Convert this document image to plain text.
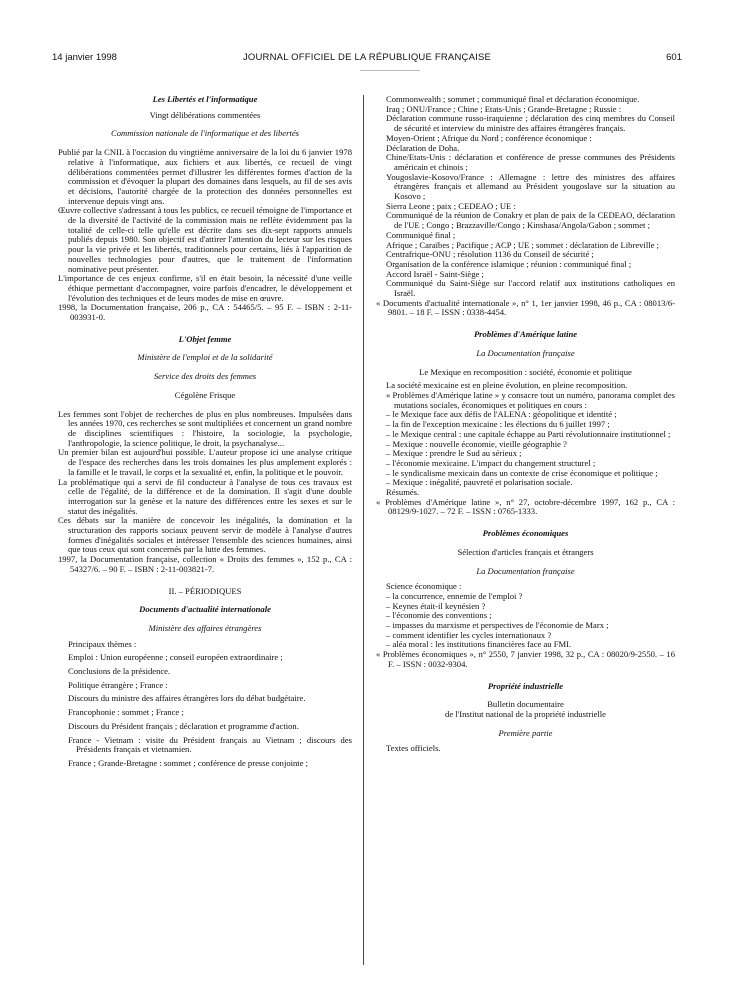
14 janvier 1998	JOURNAL OFFICIEL DE LA RÉPUBLIQUE FRANÇAISE	601

Les Libertés et l'informatique

Vingt délibérations commentées

Commission nationale de l'informatique et des libertés

Publié par la CNIL à l'occasion du vingtième anniversaire de la loi du 6 janvier 1978 relative à l'informatique, aux fichiers et aux libertés, ce recueil de vingt délibérations commentées permet d'illustrer les différentes formes d'action de la commission et d'évoquer la plupart des domaines dans lesquels, au fil de ses avis et décisions, l'autorité chargée de la protection des données personnelles est intervenue depuis vingt ans.

Œuvre collective s'adressant à tous les publics, ce recueil témoigne de l'importance et de la diversité de l'activité de la commission mais ne reflète évidemment pas la totalité de celle-ci telle qu'elle est décrite dans ses dix-sept rapports annuels publiés depuis 1980. Son objectif est d'attirer l'attention du lecteur sur les risques pour la vie privée et les libertés, traditionnels pour certains, liés à l'apparition de nouvelles technologies pour d'autres, que le traitement de l'information nominative peut présenter.

L'importance de ces enjeux confirme, s'il en était besoin, la nécessité d'une veille éthique permettant d'accompagner, voire parfois d'encadrer, le développement et l'évolution des techniques et de leurs modes de mise en œuvre.

1998, la Documentation française, 206 p., CA : 54465/5. – 95 F. – ISBN : 2-11-003931-0.

L'Objet femme

Ministère de l'emploi et de la solidarité

Service des droits des femmes

Cégolène Frisque

Les femmes sont l'objet de recherches de plus en plus nombreuses. Impulsées dans les années 1970, ces recherches se sont multipliées et concernent un grand nombre de disciplines scientifiques : l'histoire, la sociologie, la psychologie, l'anthropologie, la science politique, le droit, la psychanalyse...

Un premier bilan est aujourd'hui possible. L'auteur propose ici une analyse critique de l'espace des recherches dans les trois domaines les plus amplement explorés : la famille et le travail, le corps et la sexualité et, enfin, la politique et le pouvoir.

La problématique qui a servi de fil conducteur à l'analyse de tous ces travaux est celle de l'égalité, de la différence et de la domination. Il s'agit d'une double interrogation sur la genèse et la nature des différences entre les sexes et sur le statut des inégalités.

Ces débats sur la manière de concevoir les inégalités, la domination et la structuration des rapports sociaux peuvent servir de modèle à l'analyse d'autres formes d'inégalités sociales et intéresser l'ensemble des sciences humaines, ainsi que tous ceux qui sont concernés par la lutte des femmes.

1997, la Documentation française, collection « Droits des femmes », 152 p., CA : 54327/6. – 90 F. – ISBN : 2-11-003821-7.

II. – PÉRIODIQUES

Documents d'actualité internationale

Ministère des affaires étrangères

Principaux thèmes :

Emploi : Union européenne ; conseil européen extraordinaire ;

Conclusions de la présidence.

Politique étrangère ; France :

Discours du ministre des affaires étrangères lors du débat budgétaire.

Francophonie : sommet ; France ;

Discours du Président français ; déclaration et programme d'action.

France - Vietnam : visite du Président français au Vietnam ; discours des Présidents français et vietnamien.

France ; Grande-Bretagne : sommet ; conférence de presse conjointe ;

Commonwealth ; sommet ; communiqué final et déclaration économique.

Iraq ; ONU/France ; Chine ; Etats-Unis ; Grande-Bretagne ; Russie :

Déclaration commune russo-iraquienne ; déclaration des cinq membres du Conseil de sécurité et interview du ministre des affaires étrangères français.

Moyen-Orient ; Afrique du Nord ; conférence économique :

Déclaration de Doha.

Chine/Etats-Unis : déclaration et conférence de presse communes des Présidents américain et chinois ;

Yougoslavie-Kosovo/France : Allemagne : lettre des ministres des affaires étrangères français et allemand au Président yougoslave sur la situation au Kosovo ;

Sierra Leone ; paix ; CEDEAO ; UE :

Communiqué de la réunion de Conakry et plan de paix de la CEDEAO, déclaration de l'UE ; Congo ; Brazzaville/Congo ; Kinshasa/Angola/Gabon ; sommet ;

Communiqué final ;

Afrique ; Caraïbes ; Pacifique ; ACP ; UE ; sommet : déclaration de Libreville ;

Centrafrique-ONU ; résolution 1136 du Conseil de sécurité ;

Organisation de la conférence islamique ; réunion : communiqué final ;

Accord Israël - Saint-Siège ;

Communiqué du Saint-Siège sur l'accord relatif aux institutions catholiques en Israël.

« Documents d'actualité internationale », n° 1, 1er janvier 1998, 46 p., CA : 08013/6-9801. – 18 F. – ISSN : 0338-4454.

Problèmes d'Amérique latine

La Documentation française

Le Mexique en recomposition : société, économie et politique

La société mexicaine est en pleine évolution, en pleine recomposition.

« Problèmes d'Amérique latine » y consacre tout un numéro, panorama complet des mutations sociales, économiques et politiques en cours :

– le Mexique face aux défis de l'ALENA : géopolitique et identité ;

– la fin de l'exception mexicaine : les élections du 6 juillet 1997 ;

– le Mexique central : une capitale échappe au Parti révolutionnaire institutionnel ;

– Mexique : nouvelle économie, vieille géographie ?

– Mexique : prendre le Sud au sérieux ;

– l'économie mexicaine. L'impact du changement structurel ;

– le syndicalisme mexicain dans un contexte de crise économique et politique ;

– Mexique : inégalité, pauvreté et polarisation sociale.

Résumés.

« Problèmes d'Amérique latine », n° 27, octobre-décembre 1997, 162 p., CA : 08129/9-1027. – 72 F. – ISSN : 0765-1333.

Problèmes économiques

Sélection d'articles français et étrangers

La Documentation française

Science économique :

– la concurrence, ennemie de l'emploi ?

– Keynes était-il keynésien ?

– l'économie des conventions ;

– impasses du marxisme et perspectives de l'économie de Marx ;

– comment identifier les cycles internationaux ?

– aléa moral : les institutions financières face au FMI.

« Problèmes économiques », n° 2550, 7 janvier 1998, 32 p., CA : 08020/9-2550. – 16 F. – ISSN : 0032-9304.

Propriété industrielle

Bulletin documentaire

de l'Institut national de la propriété industrielle

Première partie

Textes officiels.
